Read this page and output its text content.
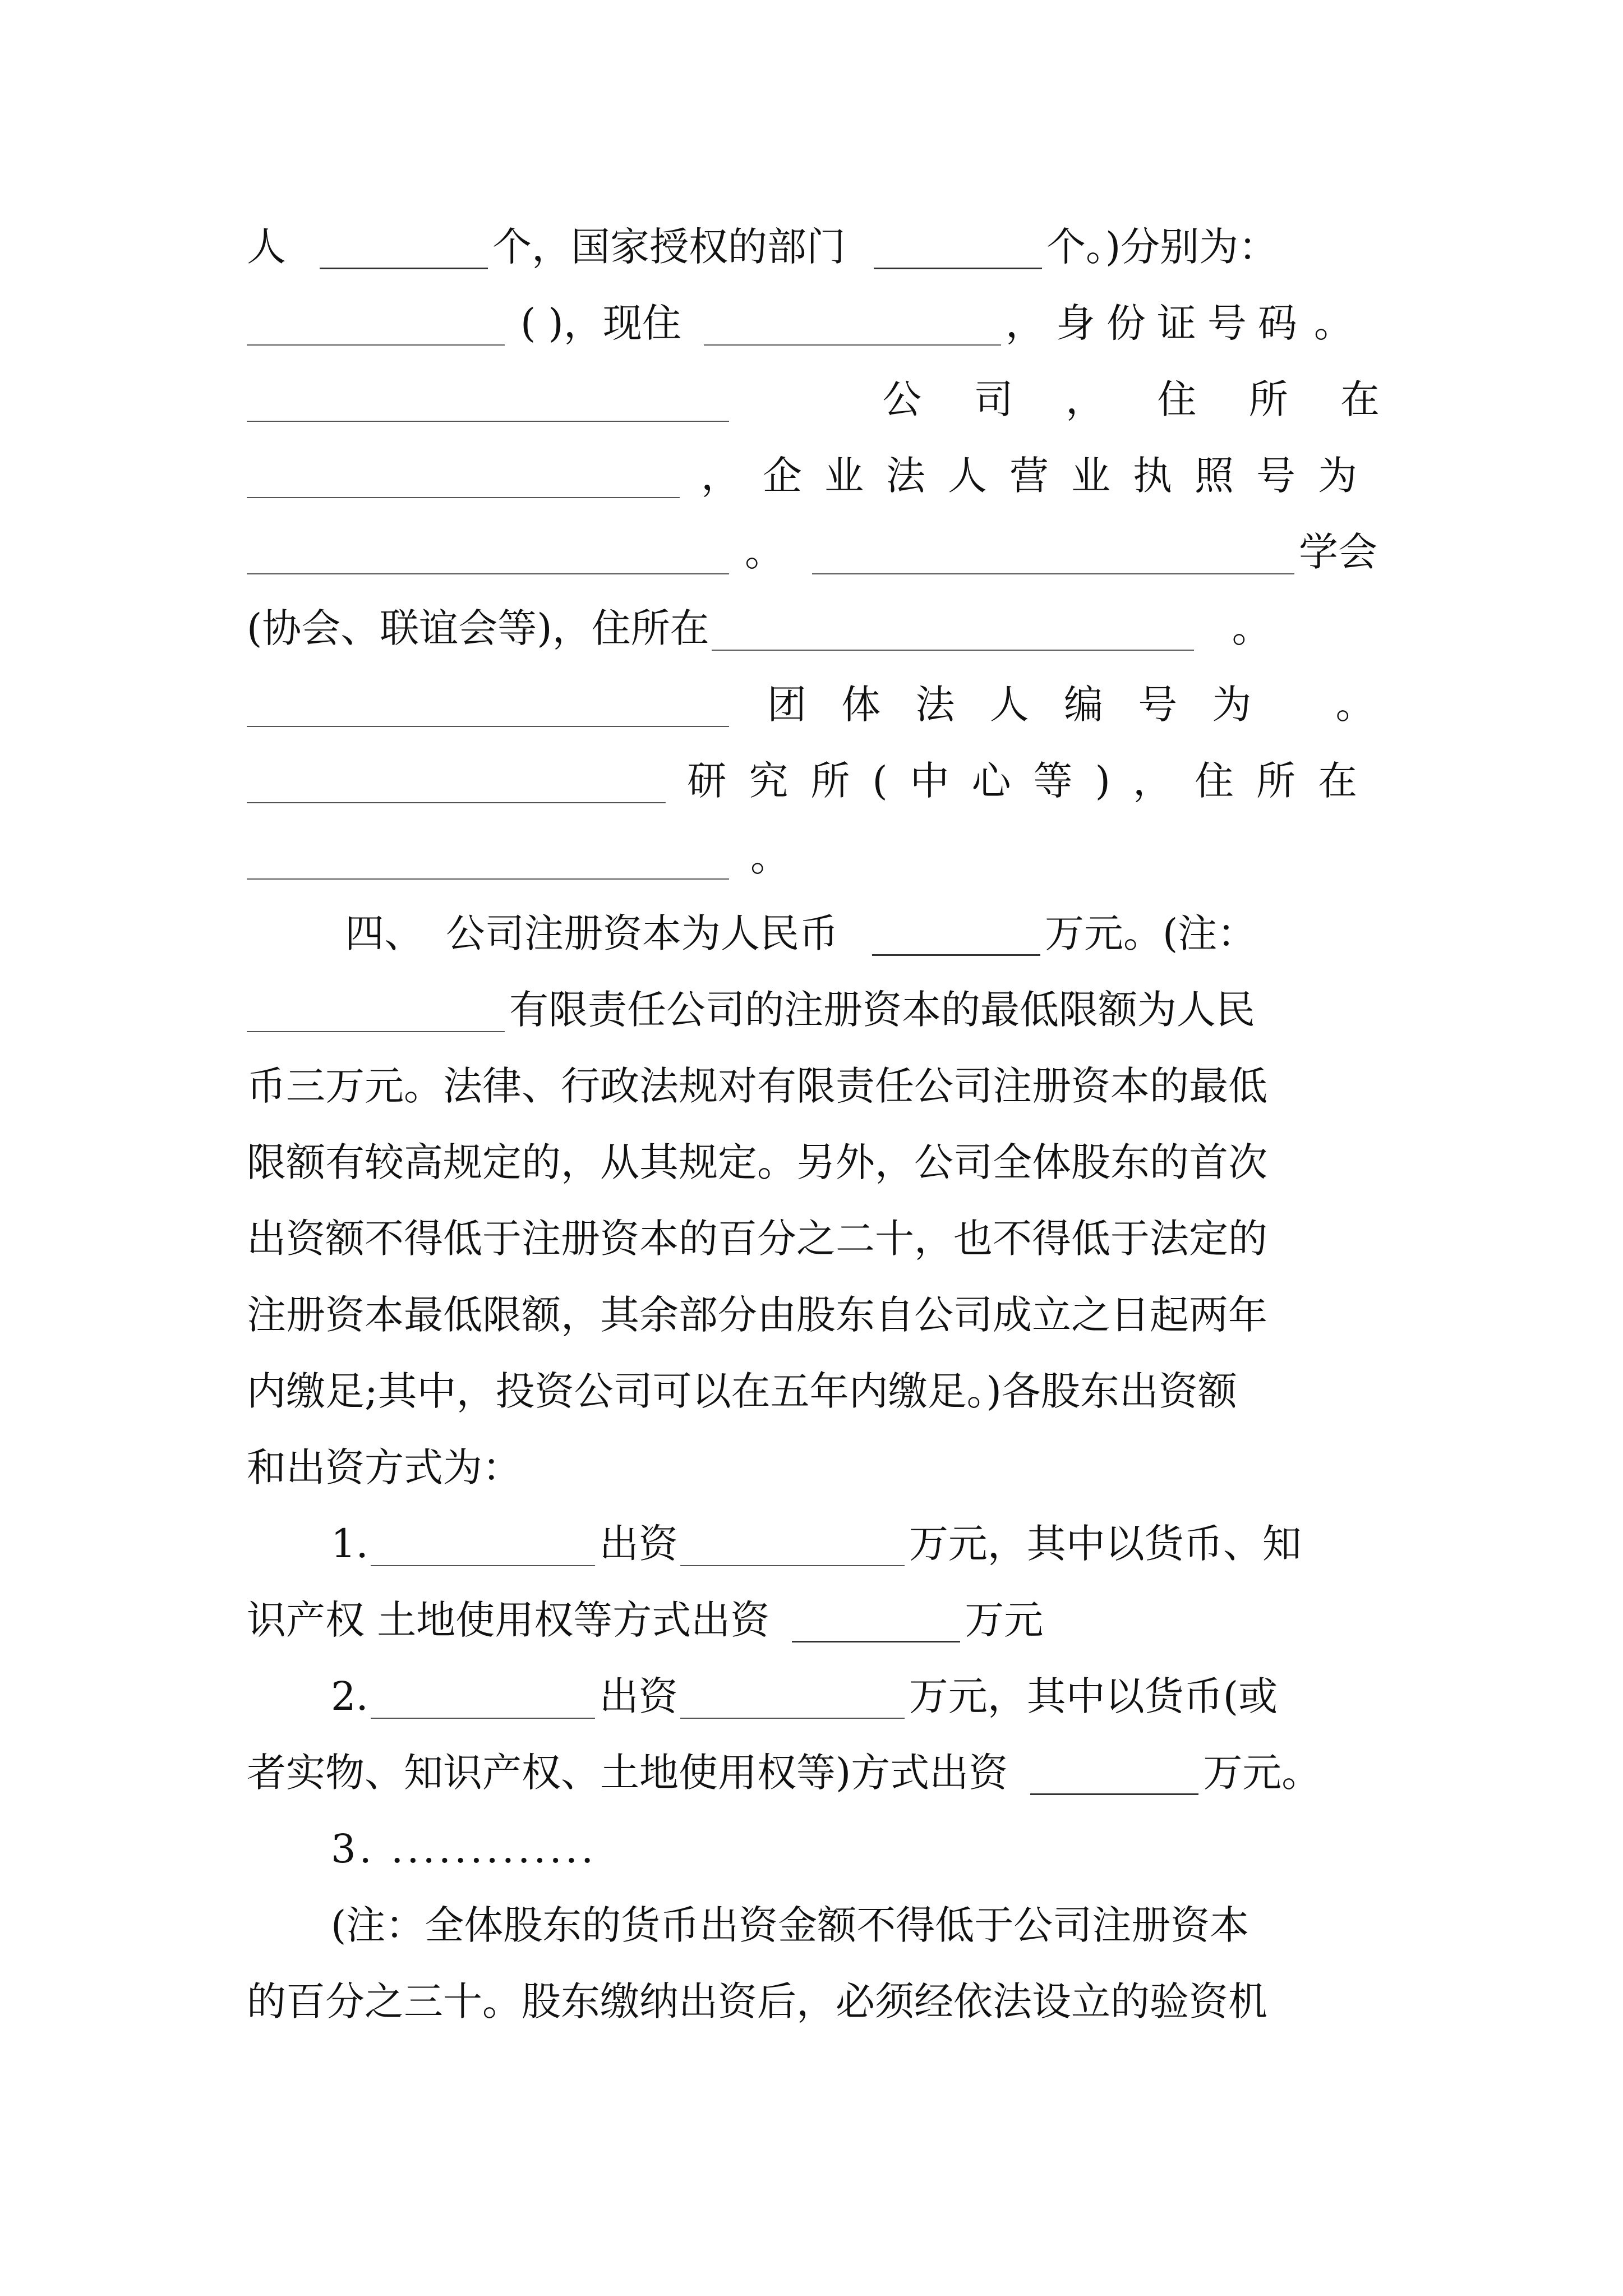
人	个，国家授权的部门	个。)分别为：
( )，现住	，身份证号码 。
公 司 ， 住 所 在
，企业法人营业执照号为
。	学会
(协会、联谊会等)，住所在	。
团 体 法 人 编 号 为 。
研究所(中心等)，住所在
。
四、 公司注册资本为人民币	万元。(注：
有限责任公司的注册资本的最低限额为人民
币三万元。法律、行政法规对有限责任公司注册资本的最低
限额有较高规定的，从其规定。另外，公司全体股东的首次
出资额不得低于注册资本的百分之二十，也不得低于法定的
注册资本最低限额，其余部分由股东自公司成立之日起两年
内缴足;其中，投资公司可以在五年内缴足。)各股东出资额
和出资方式为：
1.	出资	万元，其中以货币、知
识产权 土地使用权等方式出资	万元
2.	出资	万元，其中以货币(或
者实物、知识产权、土地使用权等)方式出资	万元。
3. .............
(注：全体股东的货币出资金额不得低于公司注册资本
的百分之三十。股东缴纳出资后，必须经依法设立的验资机
